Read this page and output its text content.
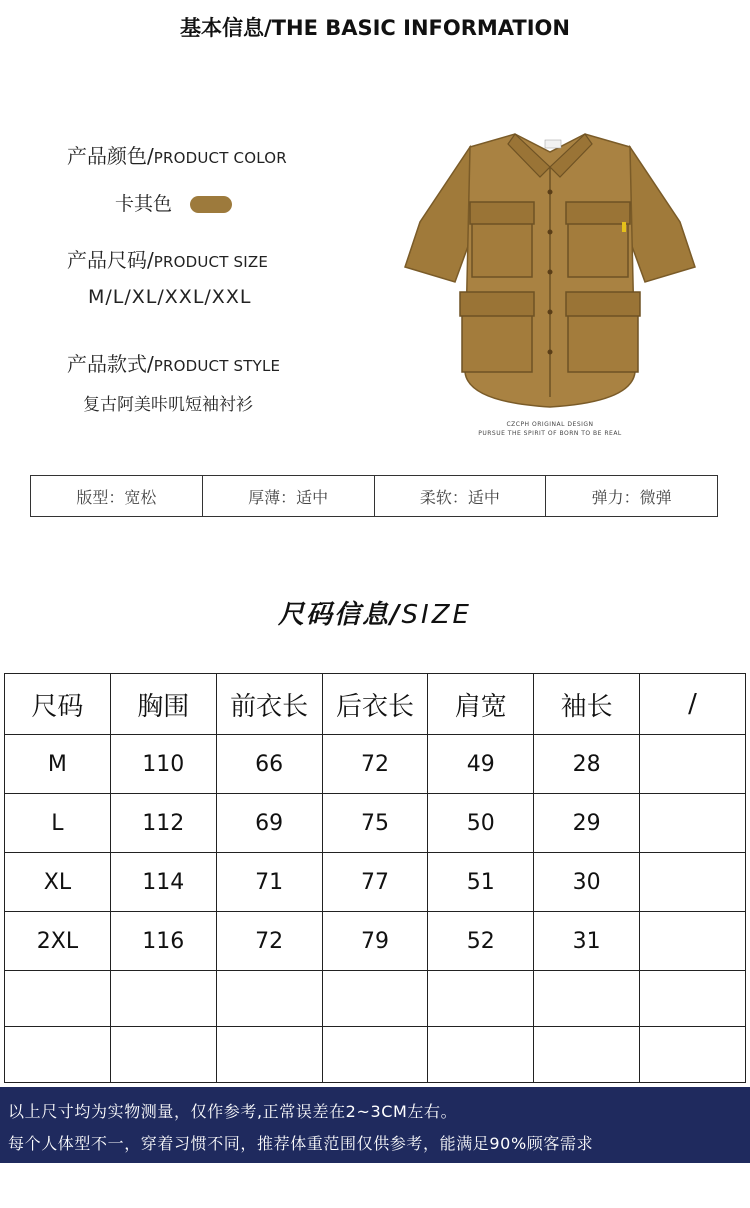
基本信息/THE BASIC INFORMATION
产品颜色/PRODUCT COLOR
卡其色
产品尺码/PRODUCT SIZE
M/L/XL/XXL/XXL
产品款式/PRODUCT STYLE
复古阿美咔叽短袖衬衫
CZCPH ORIGINAL DESIGN
PURSUE THE SPIRIT OF BORN TO BE REAL
版型：宽松	厚薄：适中	柔软：适中	弹力：微弹
尺码信息/SIZE
尺码	胸围	前衣长	后衣长	肩宽	袖长	/
M	110	66	72	49	28	
L	112	69	75	50	29	
XL	114	71	77	51	30	
2XL	116	72	79	52	31	

以上尺寸均为实物测量，仅作参考,正常误差在2~3CM左右。
每个人体型不一，穿着习惯不同，推荐体重范围仅供参考，能满足90%顾客需求
